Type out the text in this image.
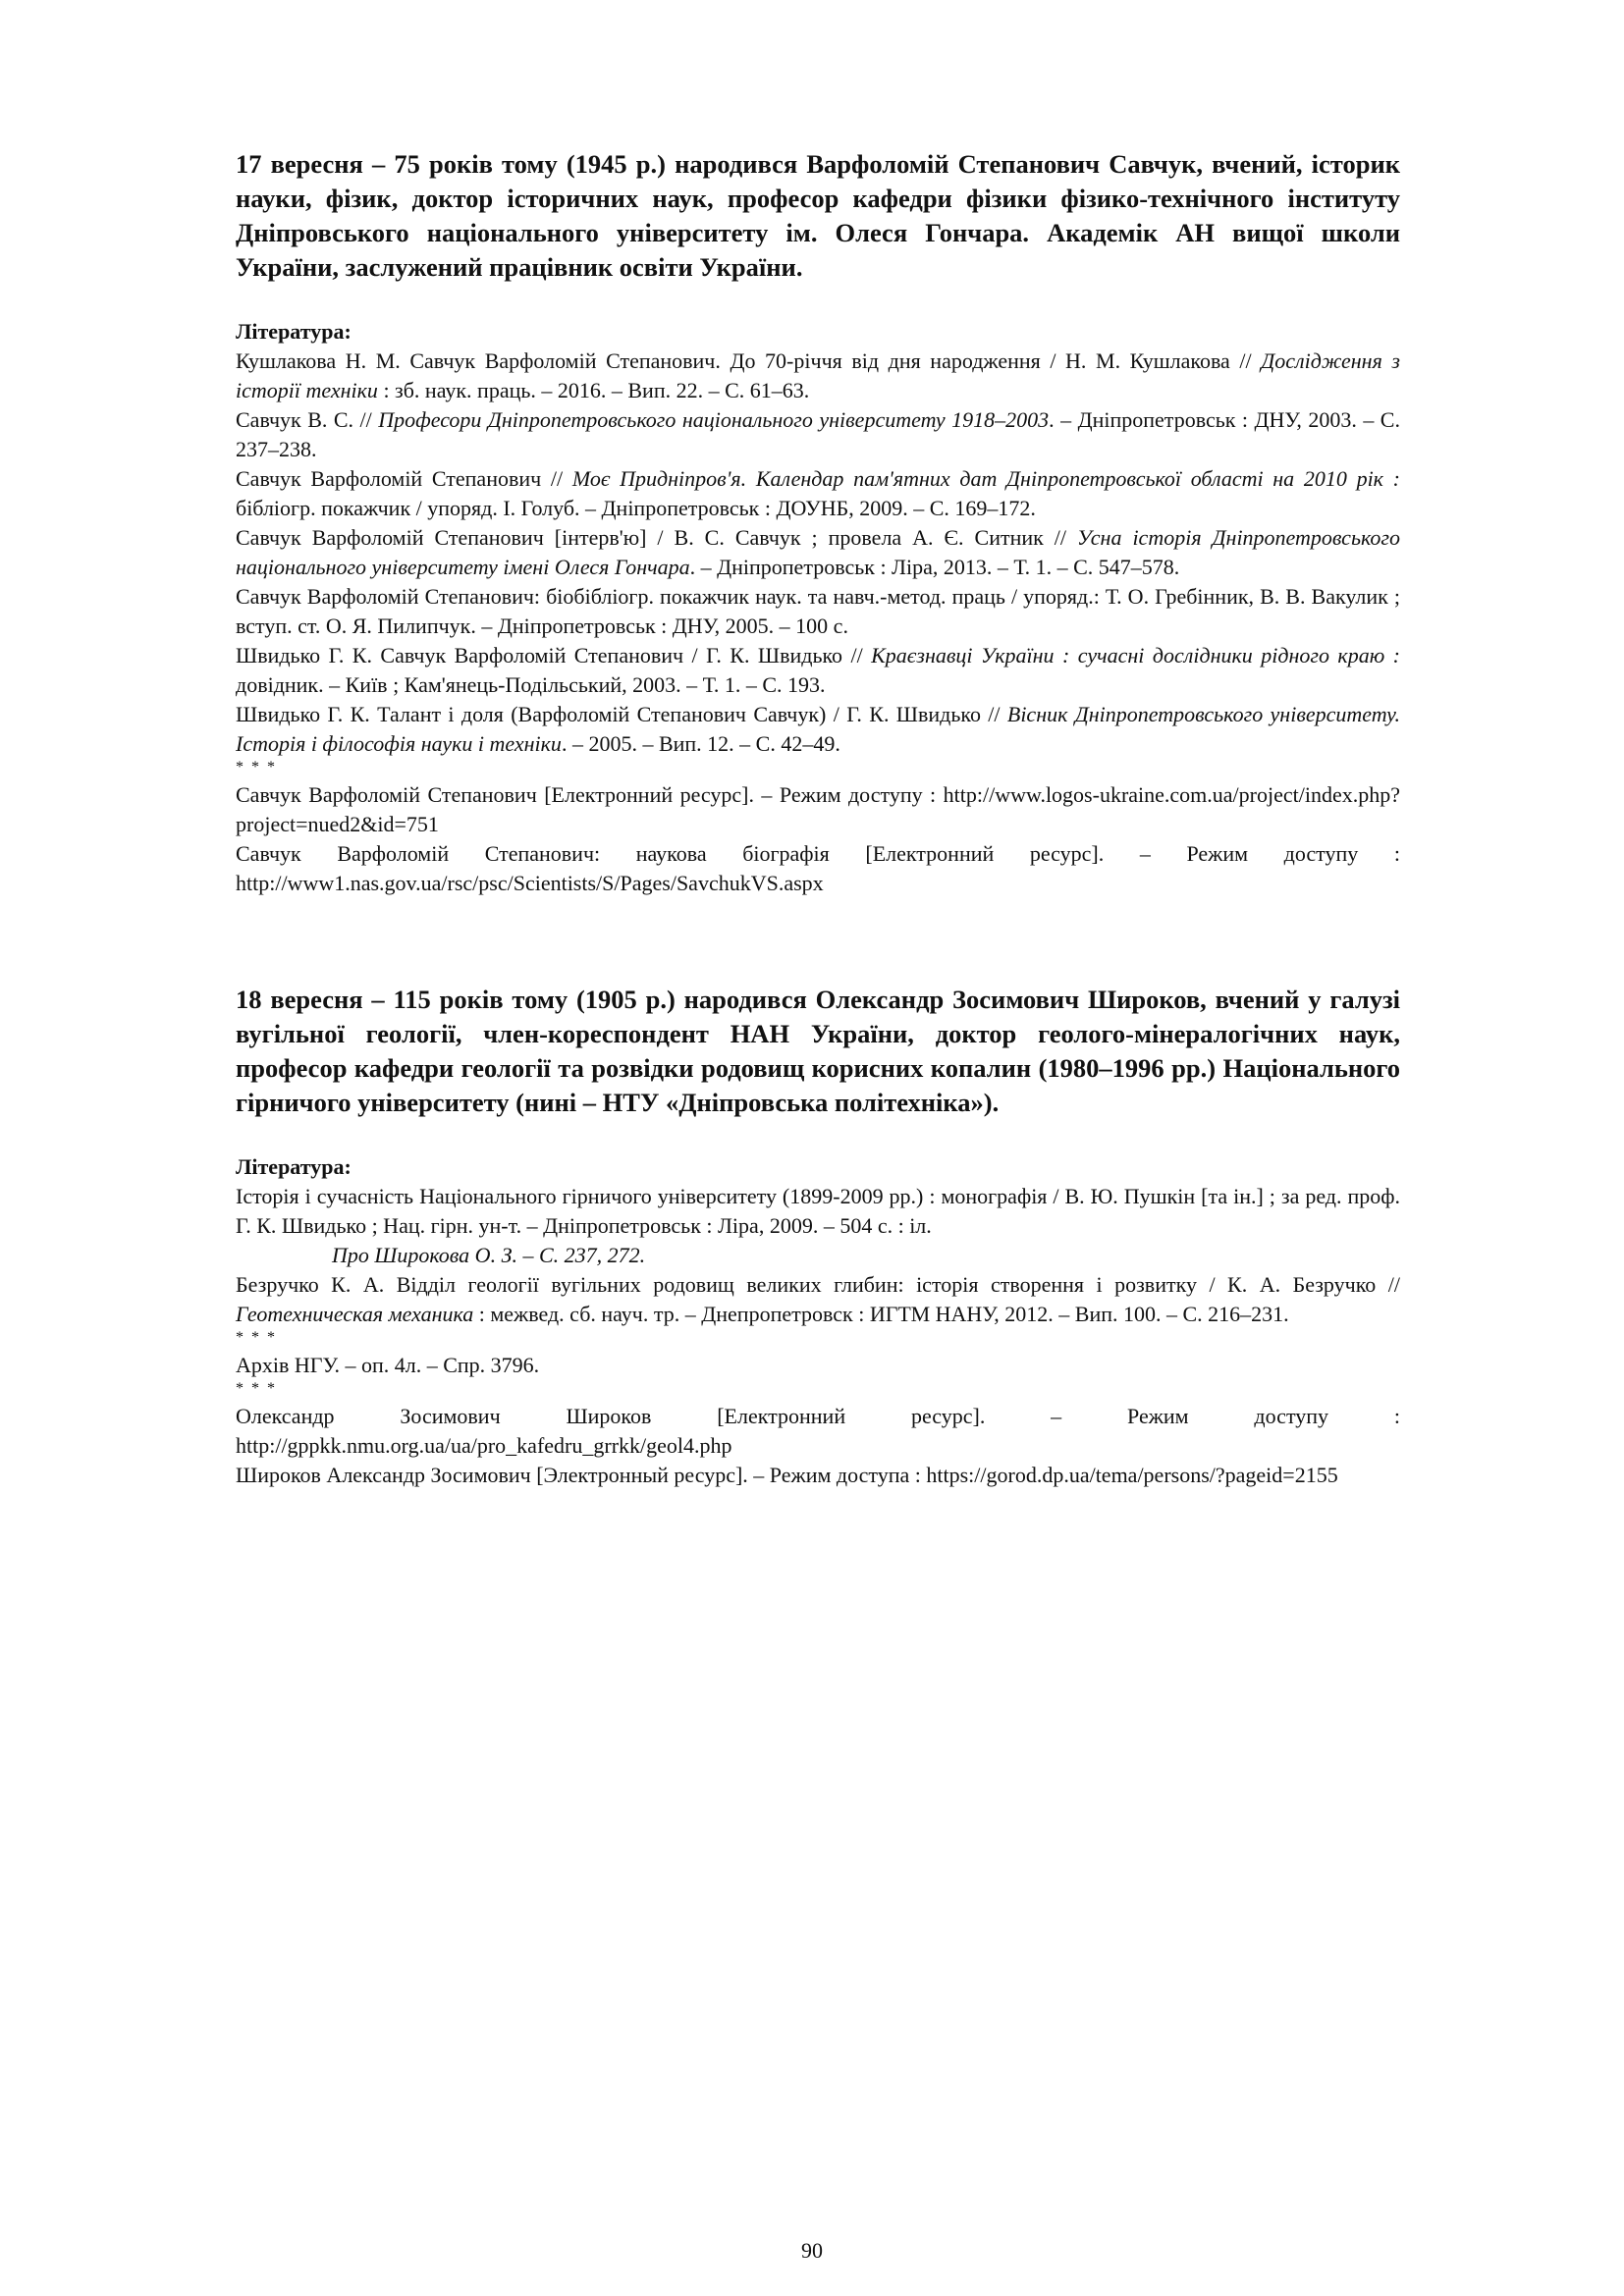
17 вересня – 75 років тому (1945 р.) народився Варфоломій Степанович Савчук, вчений, історик науки, фізик, доктор історичних наук, професор кафедри фізики фізико-технічного інституту Дніпровського національного університету ім. Олеся Гончара. Академік АН вищої школи України, заслужений працівник освіти України.

Література:

Кушлакова Н. М. Савчук Варфоломій Степанович. До 70-річчя від дня народження / Н. М. Кушлакова // Дослідження з історії техніки : зб. наук. праць. – 2016. – Вип. 22. – С. 61–63.

Савчук В. С. // Професори Дніпропетровського національного університету 1918–2003. – Дніпропетровськ : ДНУ, 2003. – С. 237–238.

Савчук Варфоломій Степанович // Моє Придніпров'я. Календар пам'ятних дат Дніпропетровської області на 2010 рік : бібліогр. покажчик / упоряд. І. Голуб. – Дніпропетровськ : ДОУНБ, 2009. – С. 169–172.

Савчук Варфоломій Степанович [інтерв'ю] / В. С. Савчук ; провела А. Є. Ситник // Усна історія Дніпропетровського національного університету імені Олеся Гончара. – Дніпропетровськ : Ліра, 2013. – Т. 1. – С. 547–578.

Савчук Варфоломій Степанович: біобібліогр. покажчик наук. та навч.-метод. праць / упоряд.: Т. О. Гребінник, В. В. Вакулик ; вступ. ст. О. Я. Пилипчук. – Дніпропетровськ : ДНУ, 2005. – 100 с.

Швидько Г. К. Савчук Варфоломій Степанович / Г. К. Швидько // Краєзнавці України : сучасні дослідники рідного краю : довідник. – Київ ; Кам'янець-Подільський, 2003. – Т. 1. – С. 193.

Швидько Г. К. Талант і доля (Варфоломій Степанович Савчук) / Г. К. Швидько // Вісник Дніпропетровського університету. Історія і філософія науки і техніки. – 2005. – Вип. 12. – С. 42–49.

* * *

Савчук Варфоломій Степанович [Електронний ресурс]. – Режим доступу : http://www.logos-ukraine.com.ua/project/index.php?project=nued2&id=751

Савчук Варфоломій Степанович: наукова біографія [Електронний ресурс]. – Режим доступу : http://www1.nas.gov.ua/rsc/psc/Scientists/S/Pages/SavchukVS.aspx

18 вересня – 115 років тому (1905 р.) народився Олександр Зосимович Широков, вчений у галузі вугільної геології, член-кореспондент НАН України, доктор геолого-мінералогічних наук, професор кафедри геології та розвідки родовищ корисних копалин (1980–1996 рр.) Національного гірничого університету (нині – НТУ «Дніпровська політехніка»).

Література:

Історія і сучасність Національного гірничого університету (1899-2009 рр.) : монографія / В. Ю. Пушкін [та ін.] ; за ред. проф. Г. К. Швидько ; Нац. гірн. ун-т. – Дніпропетровськ : Ліра, 2009. – 504 с. : іл.

Про Широкова О. З. – С. 237, 272.

Безручко К. А. Відділ геології вугільних родовищ великих глибин: історія створення і розвитку / К. А. Безручко // Геотехническая механика : межвед. сб. науч. тр. – Днепропетровск : ИГТМ НАНУ, 2012. – Вип. 100. – С. 216–231.

* * *

Архів НГУ. – оп. 4л. – Спр. 3796.

* * *

Олександр Зосимович Широков [Електронний ресурс]. – Режим доступу : http://gppkk.nmu.org.ua/ua/pro_kafedru_grrkk/geol4.php

Широков Александр Зосимович [Электронный ресурс]. – Режим доступа : https://gorod.dp.ua/tema/persons/?pageid=2155

90
